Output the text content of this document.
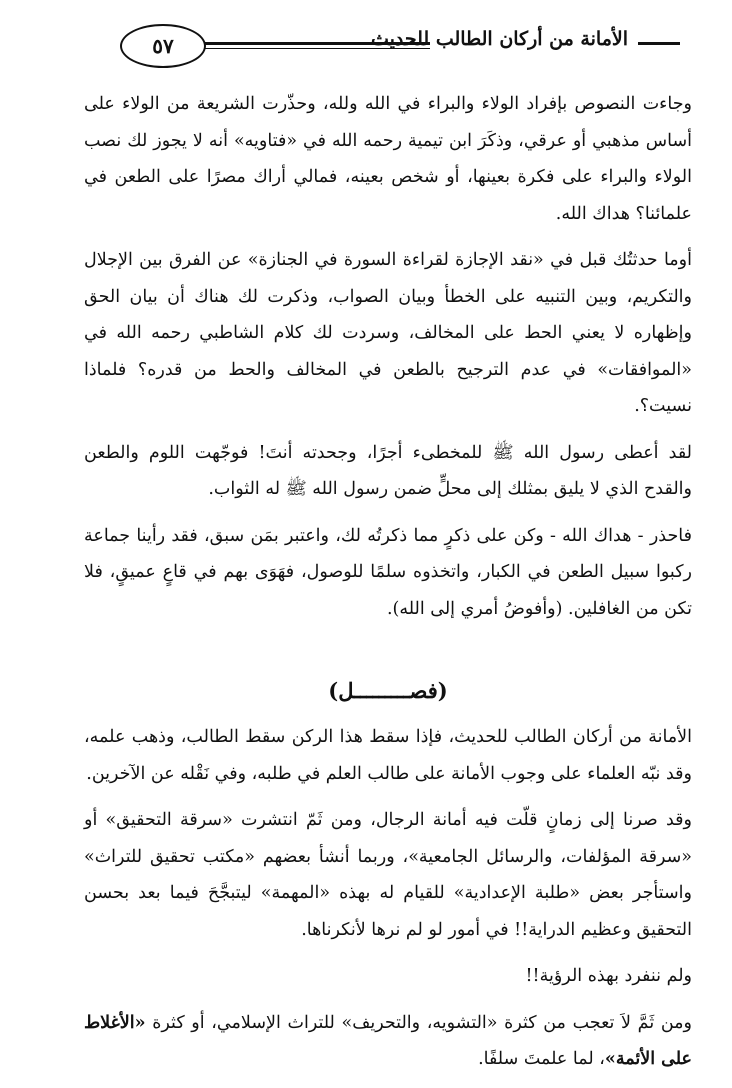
الأمانة من أركان الطالب للحديث
٥٧

وجاءت النصوص بإفراد الولاء والبراء في الله ولله، وحذّرت الشريعة من الولاء على أساس مذهبي أو عرقي، وذكَرَ ابن تيمية رحمه الله في «فتاويه» أنه لا يجوز لك نصب الولاء والبراء على فكرة بعينها، أو شخص بعينه، فمالي أراك مصرًا على الطعن في علمائنا؟ هداك الله.

أوما حدثتُك قبل في «نقد الإجازة لقراءة السورة في الجنازة» عن الفرق بين الإجلال والتكريم، وبين التنبيه على الخطأ وبيان الصواب، وذكرت لك هناك أن بيان الحق وإظهاره لا يعني الحط على المخالف، وسردت لك كلام الشاطبي رحمه الله في «الموافقات» في عدم الترجيح بالطعن في المخالف والحط من قدره؟ فلماذا نسيت؟.

لقد أعطى رسول الله ﷺ للمخطىء أجرًا، وجحدته أنتَ! فوجّهت اللوم والطعن والقدح الذي لا يليق بمثلك إلى محلٍّ ضمن رسول الله ﷺ له الثواب.

فاحذر - هداك الله - وكن على ذكرٍ مما ذكرتُه لك، واعتبر بمَن سبق، فقد رأينا جماعة ركبوا سبيل الطعن في الكبار، واتخذوه سلمًا للوصول، فهَوَى بهم في قاعٍ عميقٍ، فلا تكن من الغافلين. (وأفوضُ أمري إلى الله).

(فصـــــــــل)

الأمانة من أركان الطالب للحديث، فإذا سقط هذا الركن سقط الطالب، وذهب علمه، وقد نبّه العلماء على وجوب الأمانة على طالب العلم في طلبه، وفي نَقْله عن الآخرين.

وقد صرنا إلى زمانٍ قلّت فيه أمانة الرجال، ومن ثَمّ انتشرت «سرقة التحقيق» أو «سرقة المؤلفات، والرسائل الجامعية»، وربما أنشأ بعضهم «مكتب تحقيق للتراث» واستأجر بعض «طلبة الإعدادية» للقيام له بهذه «المهمة» ليتبجَّحَ فيما بعد بحسن التحقيق وعظيم الدراية!! في أمور لو لم نرها لأنكرناها.

ولم ننفرد بهذه الرؤية!!

ومن ثَمَّ لاَ تعجب من كثرة «التشويه، والتحريف» للتراث الإسلامي، أو كثرة «الأغلاط على الأئمة»، لما علمتَ سلفًا.
